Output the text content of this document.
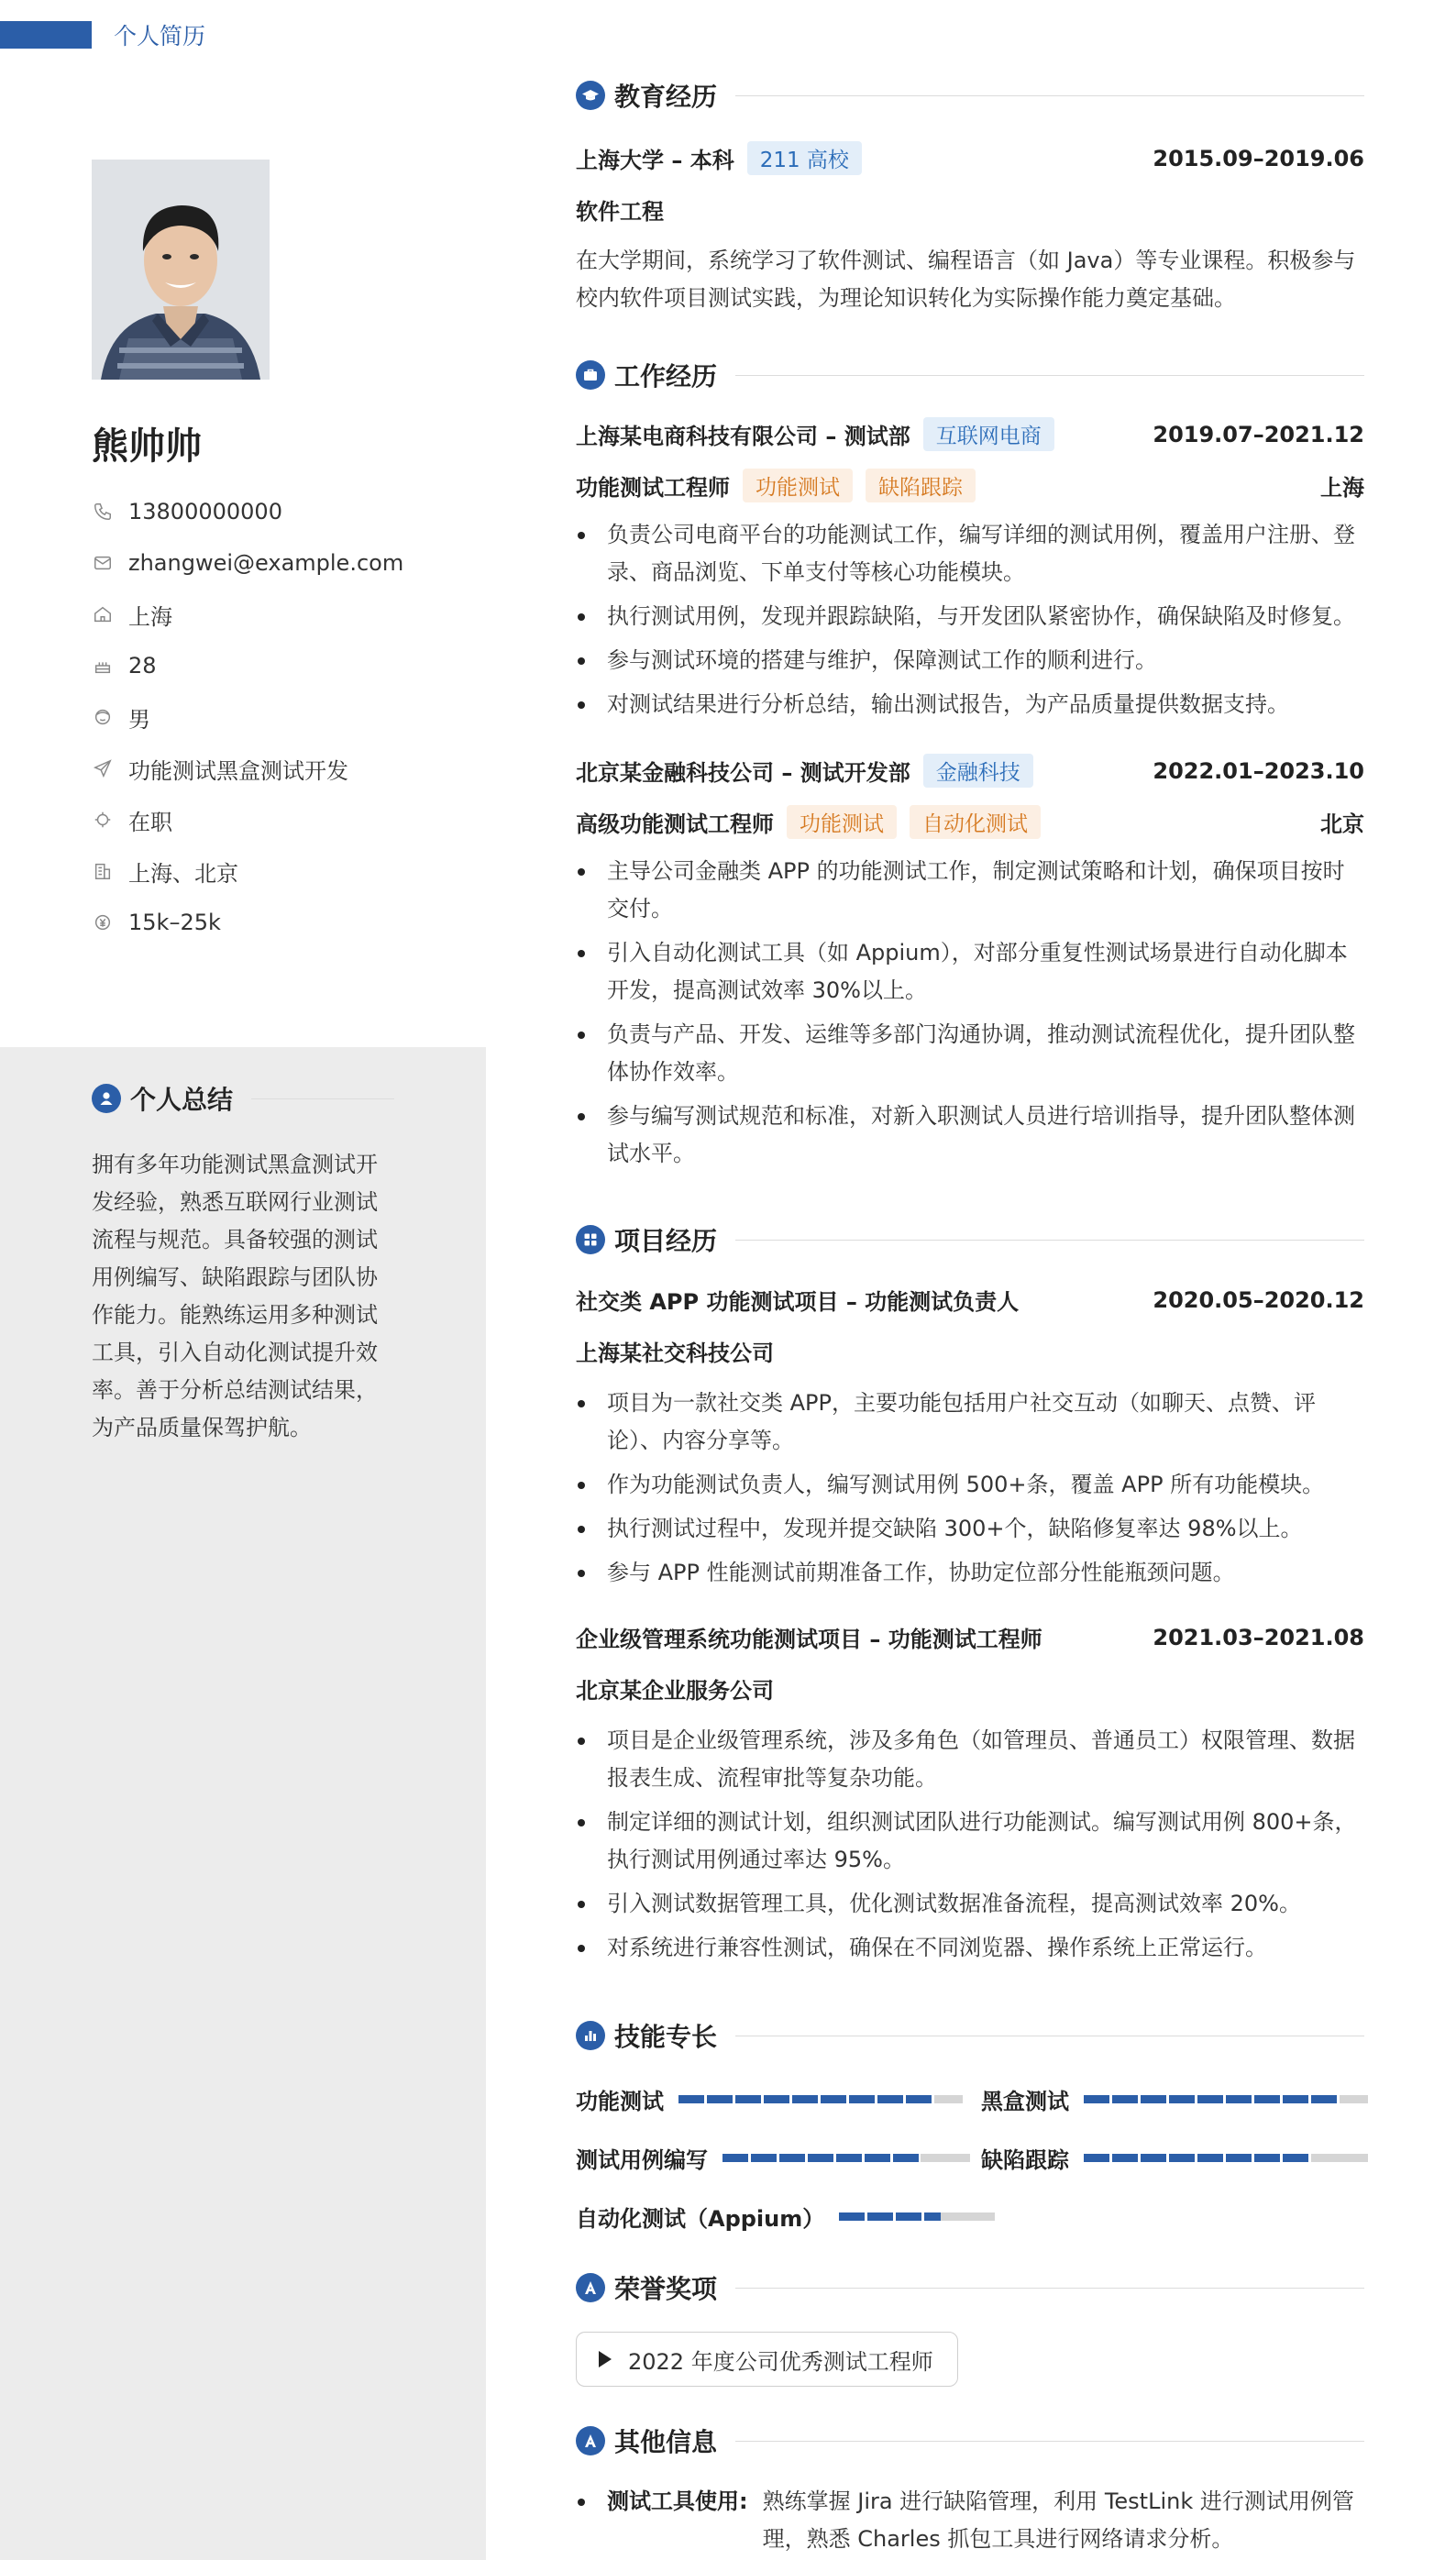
个人简历
熊帅帅
13800000000
zhangwei@example.com
上海
28
男
功能测试黑盒测试开发
在职
上海、北京
15k–25k
个人总结
拥有多年功能测试黑盒测试开发经验，熟悉互联网行业测试流程与规范。具备较强的测试用例编写、缺陷跟踪与团队协作能力。能熟练运用多种测试工具，引入自动化测试提升效率。善于分析总结测试结果，为产品质量保驾护航。
教育经历
上海大学 – 本科	211 高校	2015.09–2019.06
软件工程
在大学期间，系统学习了软件测试、编程语言（如 Java）等专业课程。积极参与校内软件项目测试实践，为理论知识转化为实际操作能力奠定基础。
工作经历
上海某电商科技有限公司 – 测试部	互联网电商	2019.07–2021.12
功能测试工程师	功能测试	缺陷跟踪	上海
负责公司电商平台的功能测试工作，编写详细的测试用例，覆盖用户注册、登录、商品浏览、下单支付等核心功能模块。
执行测试用例，发现并跟踪缺陷，与开发团队紧密协作，确保缺陷及时修复。
参与测试环境的搭建与维护，保障测试工作的顺利进行。
对测试结果进行分析总结，输出测试报告，为产品质量提供数据支持。
北京某金融科技公司 – 测试开发部	金融科技	2022.01–2023.10
高级功能测试工程师	功能测试	自动化测试	北京
主导公司金融类 APP 的功能测试工作，制定测试策略和计划，确保项目按时交付。
引入自动化测试工具（如 Appium），对部分重复性测试场景进行自动化脚本开发，提高测试效率 30%以上。
负责与产品、开发、运维等多部门沟通协调，推动测试流程优化，提升团队整体协作效率。
参与编写测试规范和标准，对新入职测试人员进行培训指导，提升团队整体测试水平。
项目经历
社交类 APP 功能测试项目 – 功能测试负责人	2020.05–2020.12
上海某社交科技公司
项目为一款社交类 APP，主要功能包括用户社交互动（如聊天、点赞、评论）、内容分享等。
作为功能测试负责人，编写测试用例 500+条，覆盖 APP 所有功能模块。
执行测试过程中，发现并提交缺陷 300+个，缺陷修复率达 98%以上。
参与 APP 性能测试前期准备工作，协助定位部分性能瓶颈问题。
企业级管理系统功能测试项目 – 功能测试工程师	2021.03–2021.08
北京某企业服务公司
项目是企业级管理系统，涉及多角色（如管理员、普通员工）权限管理、数据报表生成、流程审批等复杂功能。
制定详细的测试计划，组织测试团队进行功能测试。编写测试用例 800+条，执行测试用例通过率达 95%。
引入测试数据管理工具，优化测试数据准备流程，提高测试效率 20%。
对系统进行兼容性测试，确保在不同浏览器、操作系统上正常运行。
技能专长
功能测试	黑盒测试
测试用例编写	缺陷跟踪
自动化测试（Appium）
荣誉奖项
2022 年度公司优秀测试工程师
其他信息
测试工具使用: 熟练掌握 Jira 进行缺陷管理，利用 TestLink 进行测试用例管理，熟悉 Charles 抓包工具进行网络请求分析。
